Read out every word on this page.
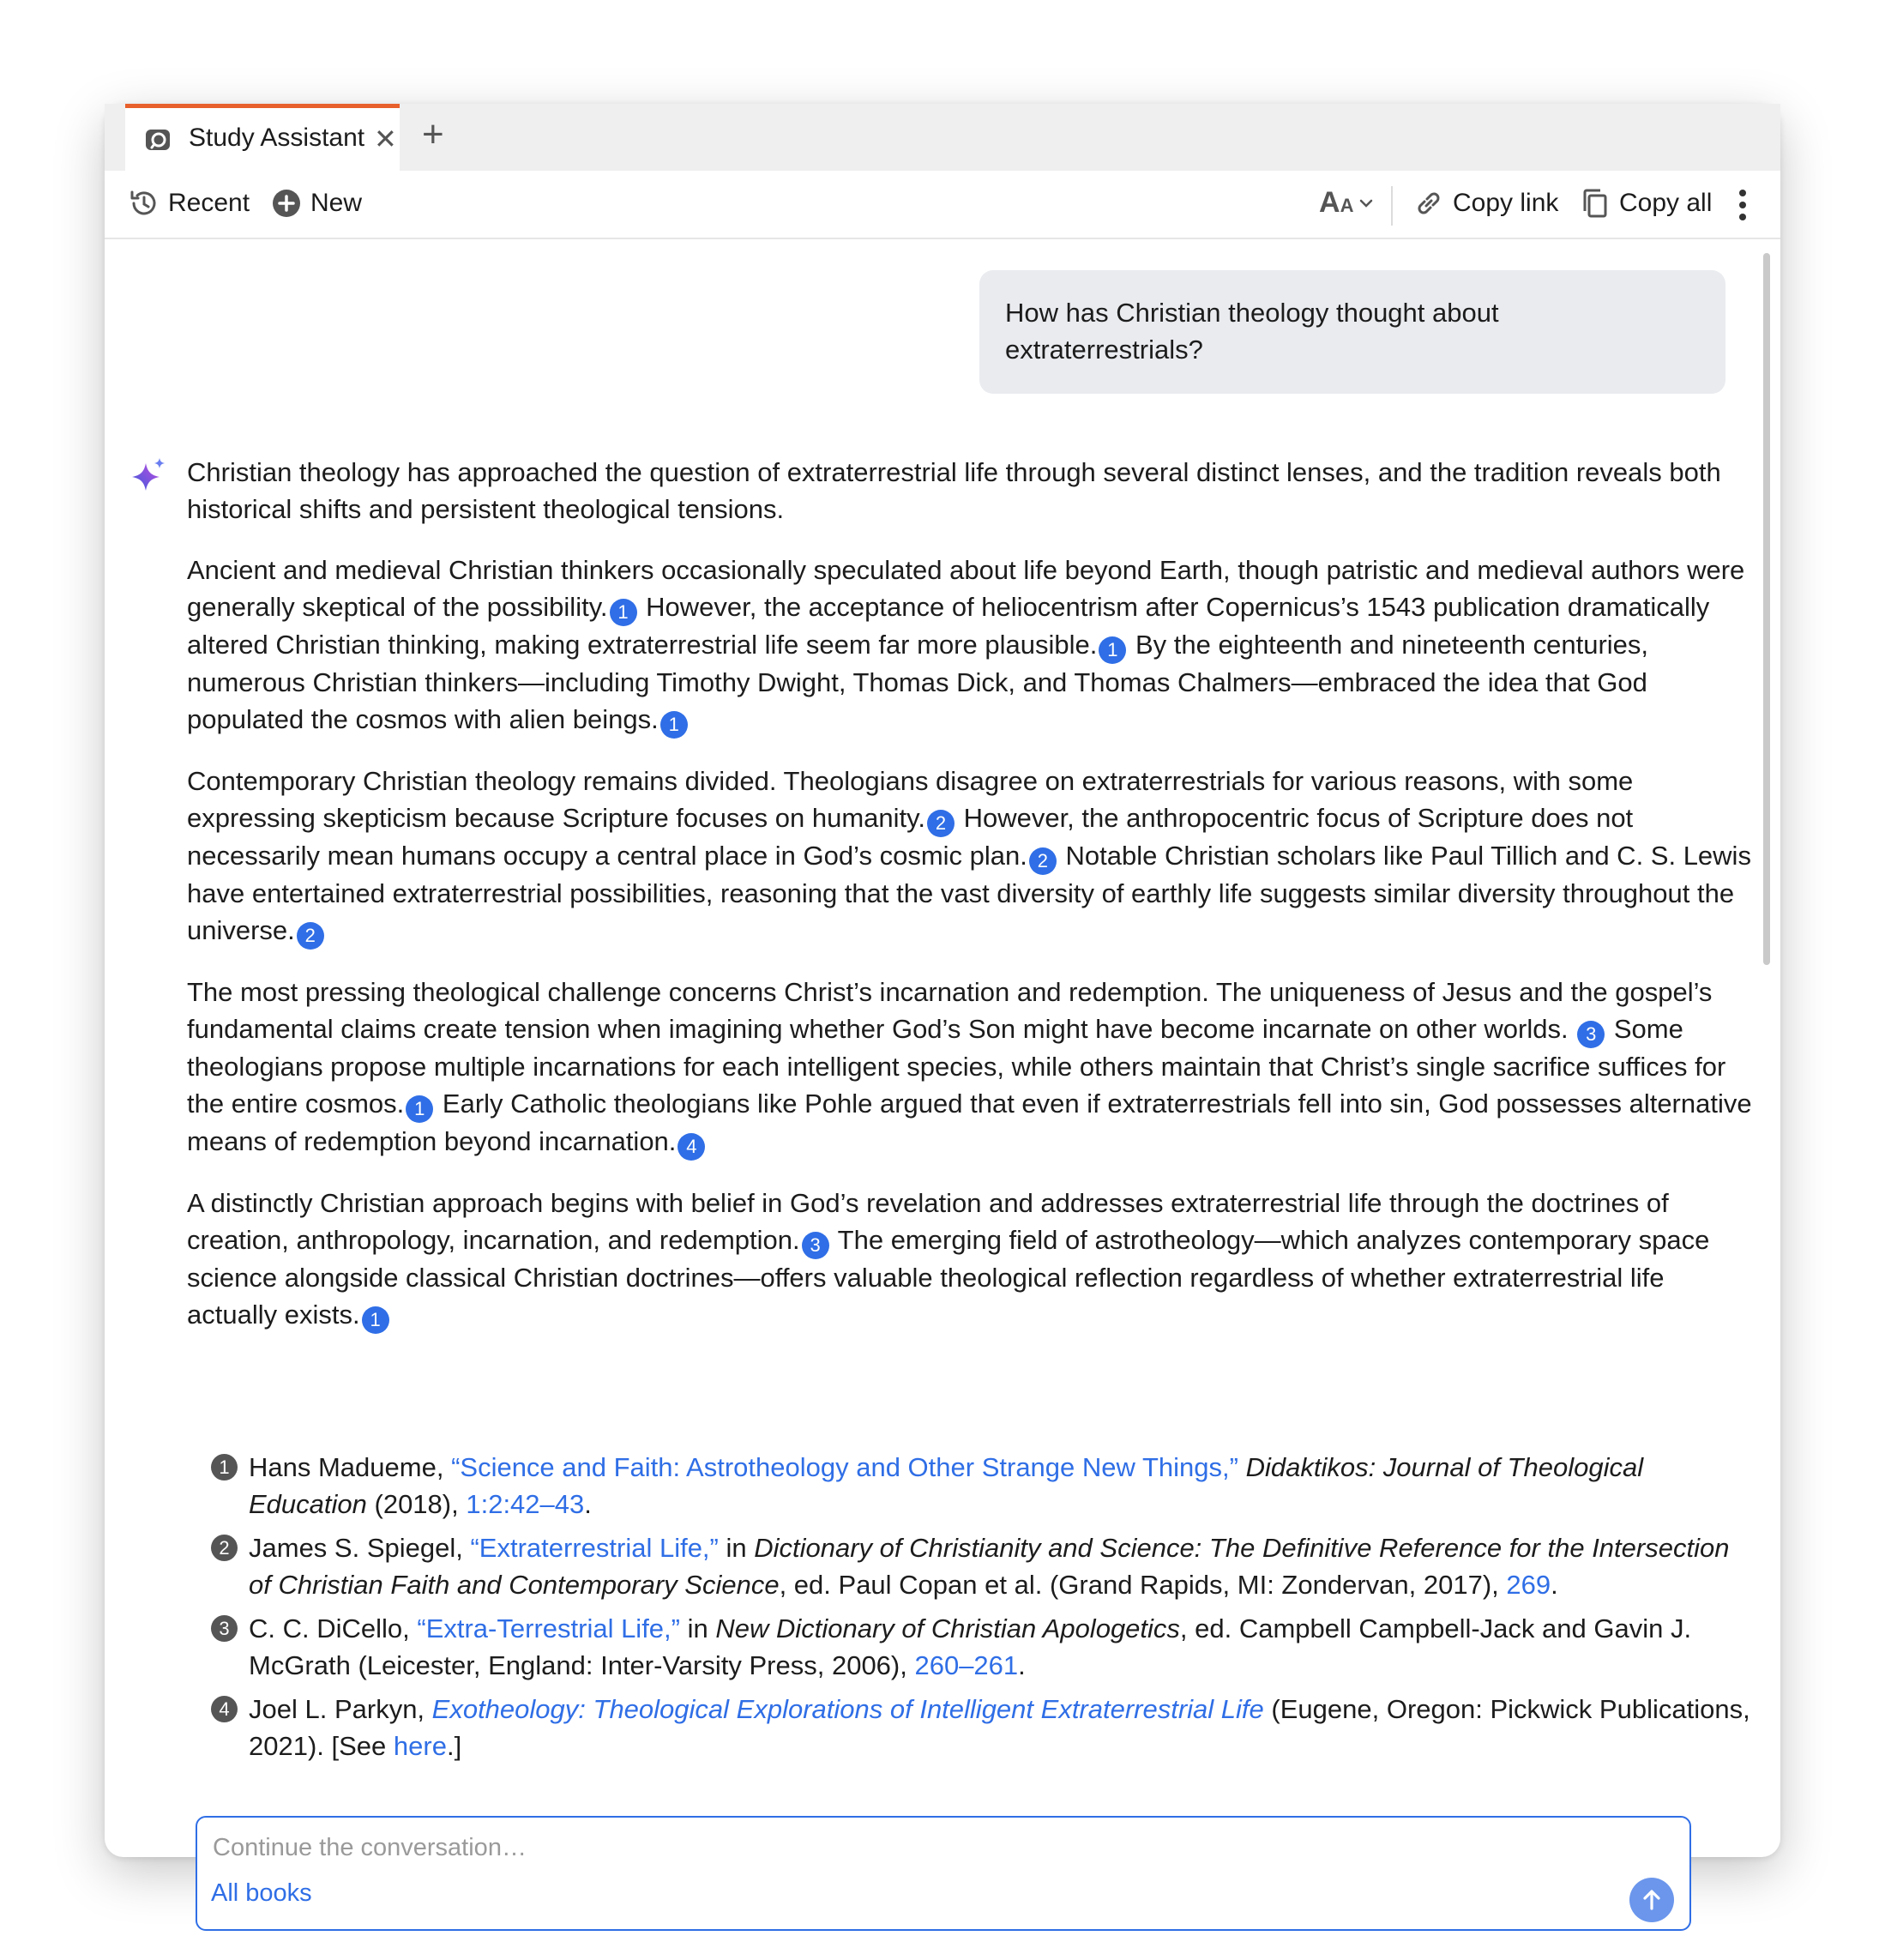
Study Assistant ✕ +
Recent New	AA	Copy link Copy all
How has Christian theology thought about extraterrestrials?

Christian theology has approached the question of extraterrestrial life through several distinct lenses, and the tradition reveals both historical shifts and persistent theological tensions.

Ancient and medieval Christian thinkers occasionally speculated about life beyond Earth, though patristic and medieval authors were generally skeptical of the possibility. 1 However, the acceptance of heliocentrism after Copernicus’s 1543 publication dramatically altered Christian thinking, making extraterrestrial life seem far more plausible. 1 By the eighteenth and nineteenth centuries, numerous Christian thinkers—including Timothy Dwight, Thomas Dick, and Thomas Chalmers—embraced the idea that God populated the cosmos with alien beings. 1

Contemporary Christian theology remains divided. Theologians disagree on extraterrestrials for various reasons, with some expressing skepticism because Scripture focuses on humanity. 2 However, the anthropocentric focus of Scripture does not necessarily mean humans occupy a central place in God’s cosmic plan. 2 Notable Christian scholars like Paul Tillich and C. S. Lewis have entertained extraterrestrial possibilities, reasoning that the vast diversity of earthly life suggests similar diversity throughout the universe. 2

The most pressing theological challenge concerns Christ’s incarnation and redemption. The uniqueness of Jesus and the gospel’s fundamental claims create tension when imagining whether God’s Son might have become incarnate on other worlds. 3 Some theologians propose multiple incarnations for each intelligent species, while others maintain that Christ’s single sacrifice suffices for the entire cosmos. 1 Early Catholic theologians like Pohle argued that even if extraterrestrials fell into sin, God possesses alternative means of redemption beyond incarnation. 4

A distinctly Christian approach begins with belief in God’s revelation and addresses extraterrestrial life through the doctrines of creation, anthropology, incarnation, and redemption. 3 The emerging field of astrotheology—which analyzes contemporary space science alongside classical Christian doctrines—offers valuable theological reflection regardless of whether extraterrestrial life actually exists. 1

1 Hans Madueme, “Science and Faith: Astrotheology and Other Strange New Things,” Didaktikos: Journal of Theological Education (2018), 1:2:42–43.
2 James S. Spiegel, “Extraterrestrial Life,” in Dictionary of Christianity and Science: The Definitive Reference for the Intersection of Christian Faith and Contemporary Science, ed. Paul Copan et al. (Grand Rapids, MI: Zondervan, 2017), 269.
3 C. C. DiCello, “Extra-Terrestrial Life,” in New Dictionary of Christian Apologetics, ed. Campbell Campbell-Jack and Gavin J. McGrath (Leicester, England: Inter-Varsity Press, 2006), 260–261.
4 Joel L. Parkyn, Exotheology: Theological Explorations of Intelligent Extraterrestrial Life (Eugene, Oregon: Pickwick Publications, 2021). [See here.]
Continue the conversation…
All books
